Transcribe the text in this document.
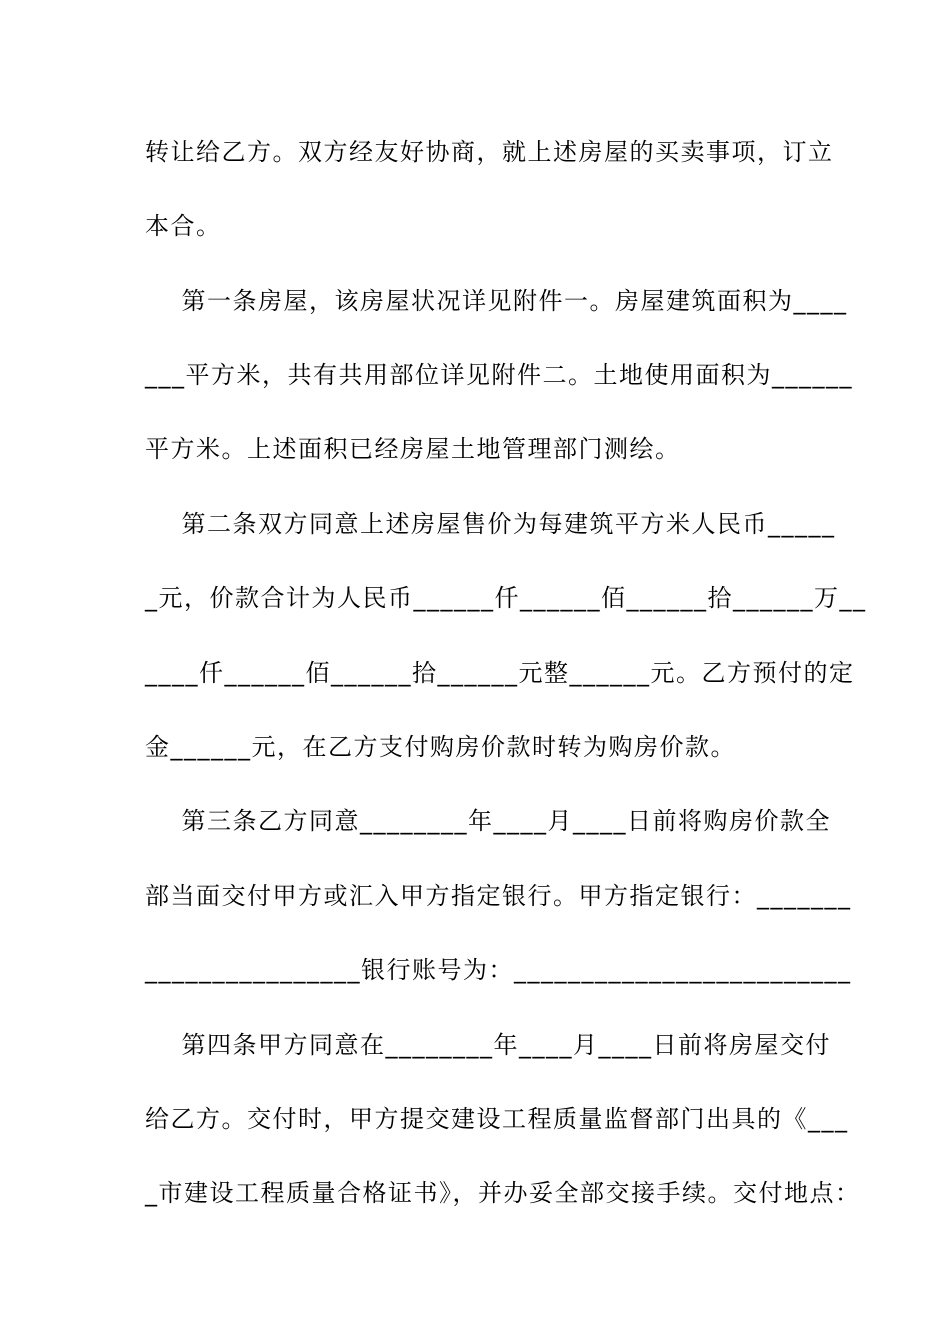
转让给乙方。双方经友好协商，就上述房屋的买卖事项，订立
本合。
第一条房屋，该房屋状况详见附件一。房屋建筑面积为____
___平方米，共有共用部位详见附件二。土地使用面积为______
平方米。上述面积已经房屋土地管理部门测绘。
第二条双方同意上述房屋售价为每建筑平方米人民币_____
_元，价款合计为人民币______仟______佰______拾______万__
____仟______佰______拾______元整______元。乙方预付的定
金______元，在乙方支付购房价款时转为购房价款。
第三条乙方同意________年____月____日前将购房价款全
部当面交付甲方或汇入甲方指定银行。甲方指定银行：_______
________________银行账号为：_________________________
第四条甲方同意在________年____月____日前将房屋交付
给乙方。交付时，甲方提交建设工程质量监督部门出具的《___
_市建设工程质量合格证书》，并办妥全部交接手续。交付地点：
